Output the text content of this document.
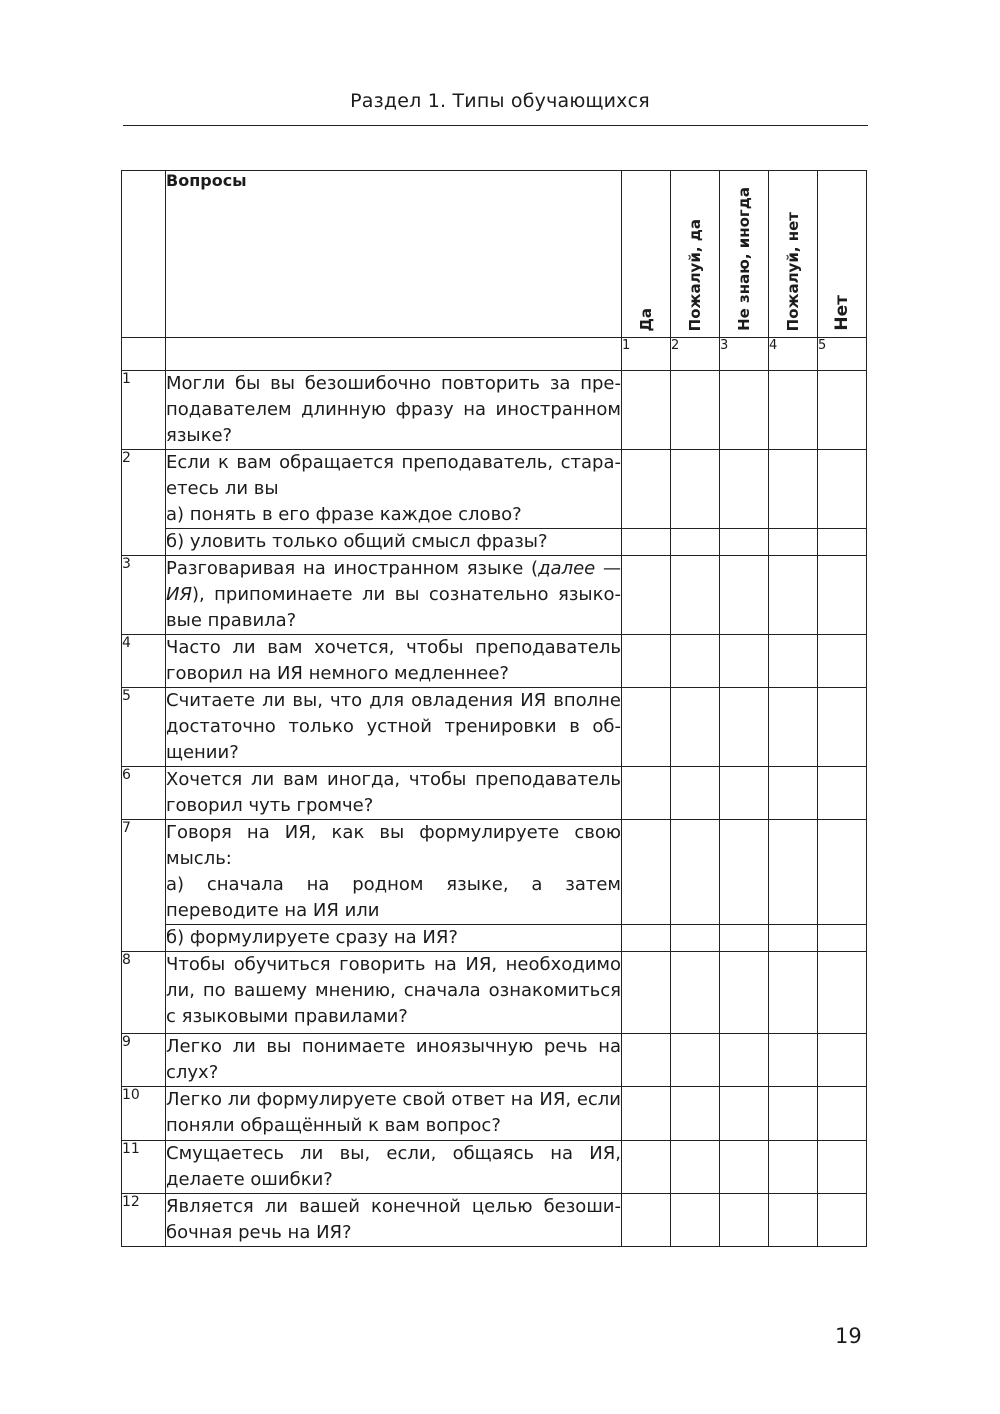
Раздел 1. Типы обучающихся
	Вопросы	Да	Пожалуй, да	Не знаю, иногда	Пожалуй, нет	Нет

		1	2	3	4	5
1	Могли бы вы безошибочно повторить за преподавателем длинную фразу на иностранном языке?					
2	Если к вам обращается преподаватель, стараетесь ли вы
а) понять в его фразе каждое слово?					
	б) уловить только общий смысл фразы?					
3	Разговаривая на иностранном языке (далее — ИЯ), припоминаете ли вы сознательно языковые правила?					
4	Часто ли вам хочется, чтобы преподаватель говорил на ИЯ немного медленнее?					
5	Считаете ли вы, что для овладения ИЯ вполне достаточно только устной тренировки в общении?					
6	Хочется ли вам иногда, чтобы преподаватель говорил чуть громче?					
7	Говоря на ИЯ, как вы формулируете свою мысль:
а) сначала на родном языке, а затем переводите на ИЯ или					
	б) формулируете сразу на ИЯ?					
8	Чтобы обучиться говорить на ИЯ, необходимо ли, по вашему мнению, сначала ознакомиться с языковыми правилами?					
9	Легко ли вы понимаете иноязычную речь на слух?					
10	Легко ли формулируете свой ответ на ИЯ, если поняли обращённый к вам вопрос?					
11	Смущаетесь ли вы, если, общаясь на ИЯ, делаете ошибки?					
12	Является ли вашей конечной целью безошибочная речь на ИЯ?					
19
